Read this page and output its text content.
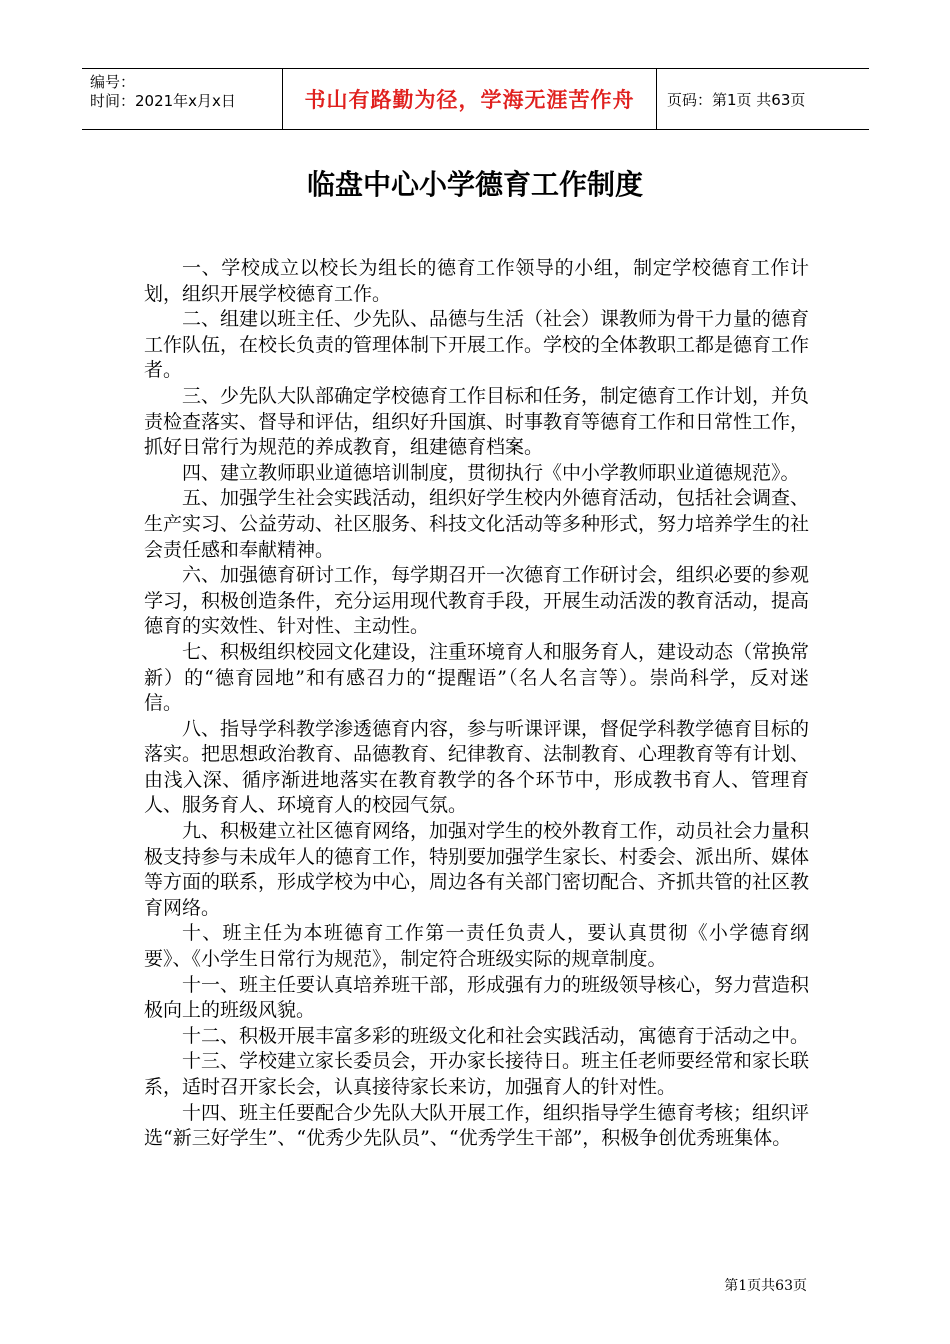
编号：
时间：2021年x月x日	书山有路勤为径，学海无涯苦作舟 页码：第1页 共63页
临盘中心小学德育工作制度

一、学校成立以校长为组长的德育工作领导的小组，制定学校德育工作计划，组织开展学校德育工作。

二、组建以班主任、少先队、品德与生活（社会）课教师为骨干力量的德育工作队伍，在校长负责的管理体制下开展工作。学校的全体教职工都是德育工作者。

三、少先队大队部确定学校德育工作目标和任务，制定德育工作计划，并负责检查落实、督导和评估，组织好升国旗、时事教育等德育工作和日常性工作，抓好日常行为规范的养成教育，组建德育档案。

四、建立教师职业道德培训制度，贯彻执行《中小学教师职业道德规范》。

五、加强学生社会实践活动，组织好学生校内外德育活动，包括社会调查、生产实习、公益劳动、社区服务、科技文化活动等多种形式，努力培养学生的社会责任感和奉献精神。

六、加强德育研讨工作，每学期召开一次德育工作研讨会，组织必要的参观学习，积极创造条件，充分运用现代教育手段，开展生动活泼的教育活动，提高德育的实效性、针对性、主动性。

七、积极组织校园文化建设，注重环境育人和服务育人，建设动态（常换常新）的“德育园地”和有感召力的“提醒语”（名人名言等）。崇尚科学，反对迷信。

八、指导学科教学渗透德育内容，参与听课评课，督促学科教学德育目标的落实。把思想政治教育、品德教育、纪律教育、法制教育、心理教育等有计划、由浅入深、循序渐进地落实在教育教学的各个环节中，形成教书育人、管理育人、服务育人、环境育人的校园气氛。

九、积极建立社区德育网络，加强对学生的校外教育工作，动员社会力量积极支持参与未成年人的德育工作，特别要加强学生家长、村委会、派出所、媒体等方面的联系，形成学校为中心，周边各有关部门密切配合、齐抓共管的社区教育网络。

十、班主任为本班德育工作第一责任负责人，要认真贯彻《小学德育纲要》、《小学生日常行为规范》，制定符合班级实际的规章制度。

十一、班主任要认真培养班干部，形成强有力的班级领导核心，努力营造积极向上的班级风貌。

十二、积极开展丰富多彩的班级文化和社会实践活动，寓德育于活动之中。

十三、学校建立家长委员会，开办家长接待日。班主任老师要经常和家长联系，适时召开家长会，认真接待家长来访，加强育人的针对性。

十四、班主任要配合少先队大队开展工作，组织指导学生德育考核；组织评选“新三好学生”、“优秀少先队员”、“优秀学生干部”，积极争创优秀班集体。

第1页共63页
